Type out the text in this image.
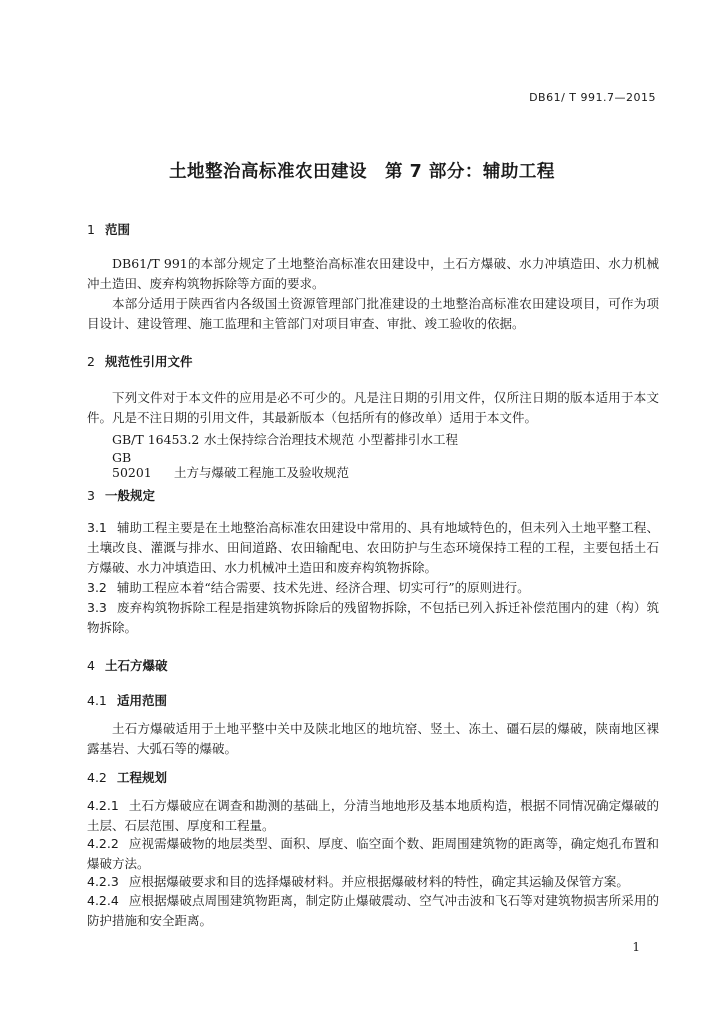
DB61/ T 991.7—2015
土地整治高标准农田建设　第 7 部分：辅助工程
1 范围
DB61/T 991的本部分规定了土地整治高标准农田建设中，土石方爆破、水力冲填造田、水力机械冲土造田、废弃构筑物拆除等方面的要求。
本部分适用于陕西省内各级国土资源管理部门批准建设的土地整治高标准农田建设项目，可作为项目设计、建设管理、施工监理和主管部门对项目审查、审批、竣工验收的依据。
2 规范性引用文件
下列文件对于本文件的应用是必不可少的。凡是注日期的引用文件，仅所注日期的版本适用于本文件。凡是不注日期的引用文件，其最新版本（包括所有的修改单）适用于本文件。
GB/T 16453.2 水土保持综合治理技术规范 小型蓄排引水工程
GB 50201 土方与爆破工程施工及验收规范
3 一般规定
3.1 辅助工程主要是在土地整治高标准农田建设中常用的、具有地域特色的，但未列入土地平整工程、土壤改良、灌溉与排水、田间道路、农田输配电、农田防护与生态环境保持工程的工程，主要包括土石方爆破、水力冲填造田、水力机械冲土造田和废弃构筑物拆除。
3.2 辅助工程应本着“结合需要、技术先进、经济合理、切实可行”的原则进行。
3.3 废弃构筑物拆除工程是指建筑物拆除后的残留物拆除，不包括已列入拆迁补偿范围内的建（构）筑物拆除。
4 土石方爆破
4.1 适用范围
土石方爆破适用于土地平整中关中及陕北地区的地坑窑、竖土、冻土、礓石层的爆破，陕南地区裸露基岩、大弧石等的爆破。
4.2 工程规划
4.2.1 土石方爆破应在调查和勘测的基础上，分清当地地形及基本地质构造，根据不同情况确定爆破的土层、石层范围、厚度和工程量。
4.2.2 应视需爆破物的地层类型、面积、厚度、临空面个数、距周围建筑物的距离等，确定炮孔布置和爆破方法。
4.2.3 应根据爆破要求和目的选择爆破材料。并应根据爆破材料的特性，确定其运输及保管方案。
4.2.4 应根据爆破点周围建筑物距离，制定防止爆破震动、空气冲击波和飞石等对建筑物损害所采用的防护措施和安全距离。
1
